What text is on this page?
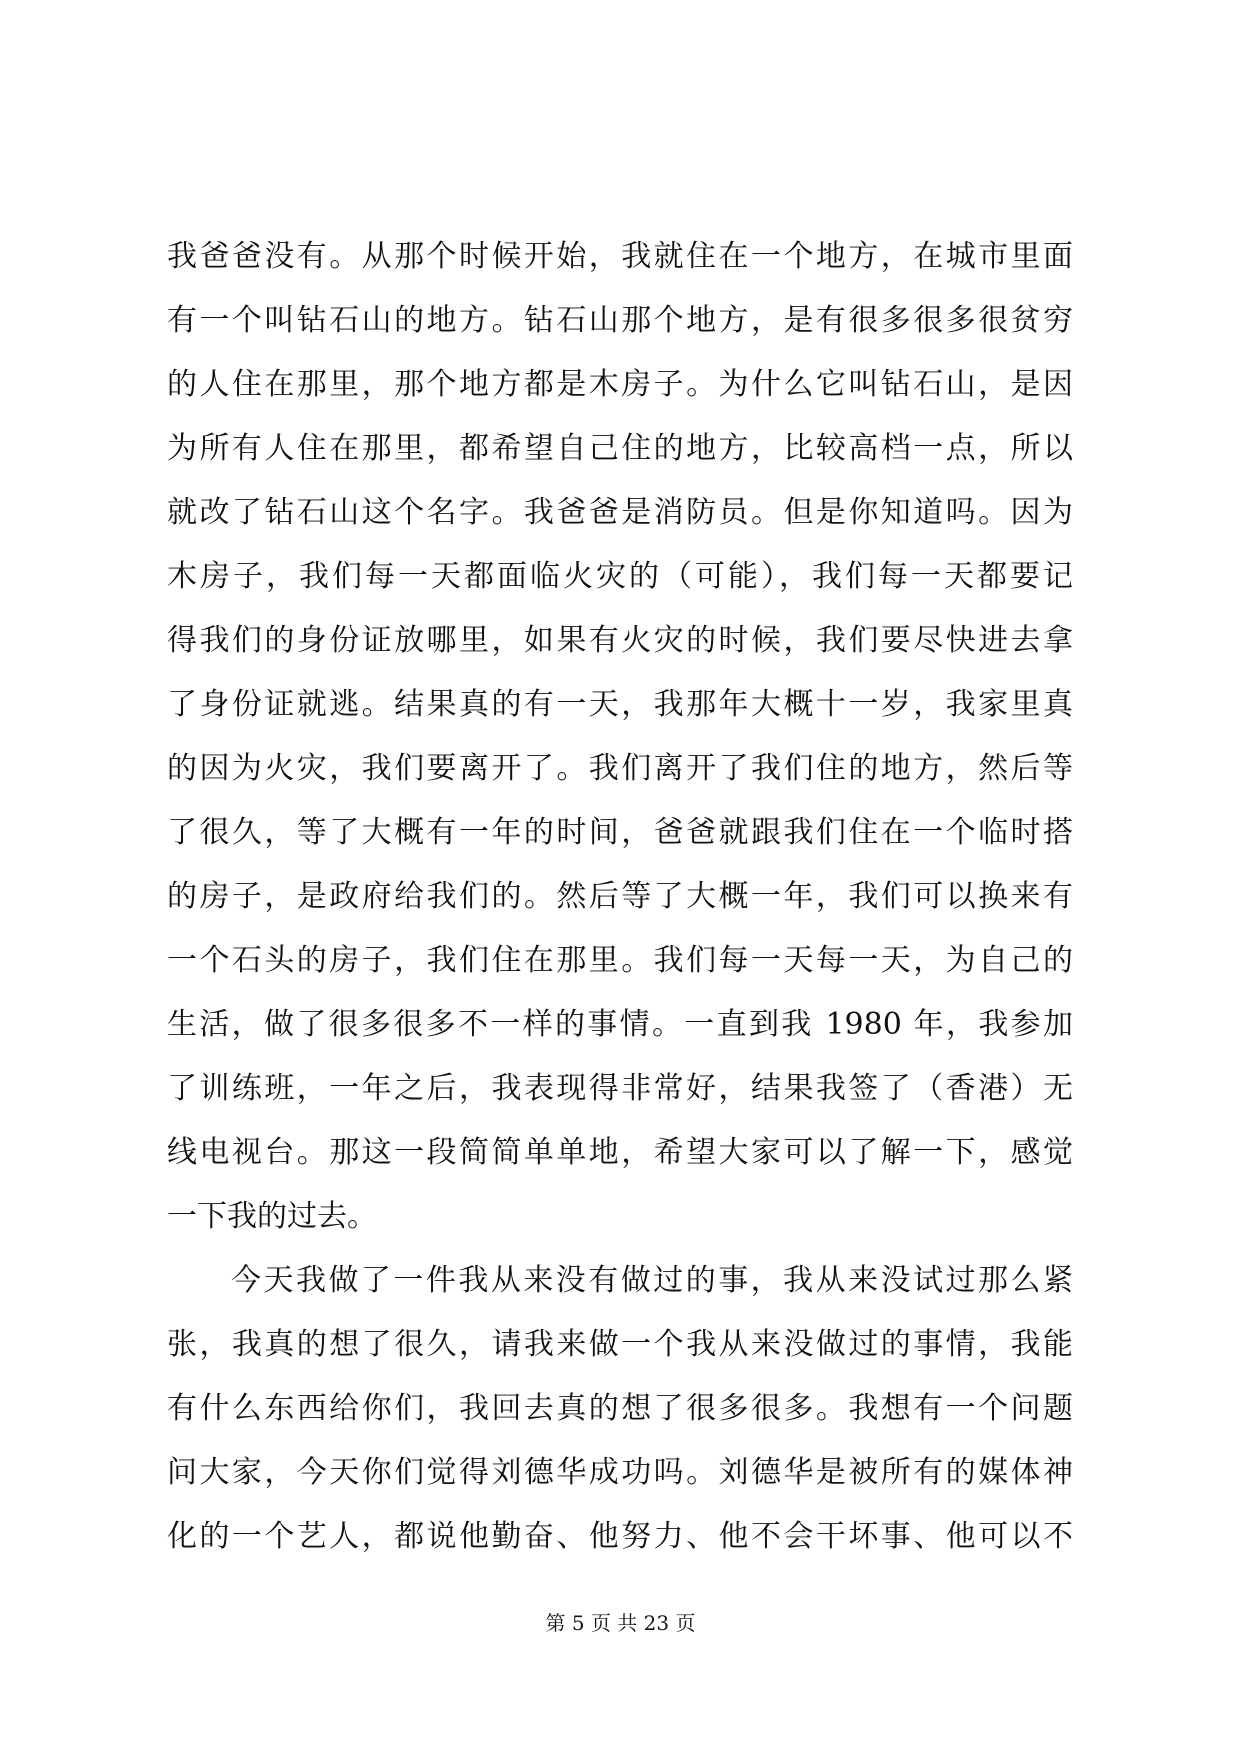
我爸爸没有。从那个时候开始，我就住在一个地方，在城市里面
有一个叫钻石山的地方。钻石山那个地方，是有很多很多很贫穷
的人住在那里，那个地方都是木房子。为什么它叫钻石山，是因
为所有人住在那里，都希望自己住的地方，比较高档一点，所以
就改了钻石山这个名字。我爸爸是消防员。但是你知道吗。因为
木房子，我们每一天都面临火灾的（可能），我们每一天都要记
得我们的身份证放哪里，如果有火灾的时候，我们要尽快进去拿
了身份证就逃。结果真的有一天，我那年大概十一岁，我家里真
的因为火灾，我们要离开了。我们离开了我们住的地方，然后等
了很久，等了大概有一年的时间，爸爸就跟我们住在一个临时搭
的房子，是政府给我们的。然后等了大概一年，我们可以换来有
一个石头的房子，我们住在那里。我们每一天每一天，为自己的
生活，做了很多很多不一样的事情。一直到我 1980 年，我参加
了训练班，一年之后，我表现得非常好，结果我签了（香港）无
线电视台。那这一段简简单单地，希望大家可以了解一下，感觉
一下我的过去。
今天我做了一件我从来没有做过的事，我从来没试过那么紧
张，我真的想了很久，请我来做一个我从来没做过的事情，我能
有什么东西给你们，我回去真的想了很多很多。我想有一个问题
问大家，今天你们觉得刘德华成功吗。刘德华是被所有的媒体神
化的一个艺人，都说他勤奋、他努力、他不会干坏事、他可以不
第 5 页 共 23 页
